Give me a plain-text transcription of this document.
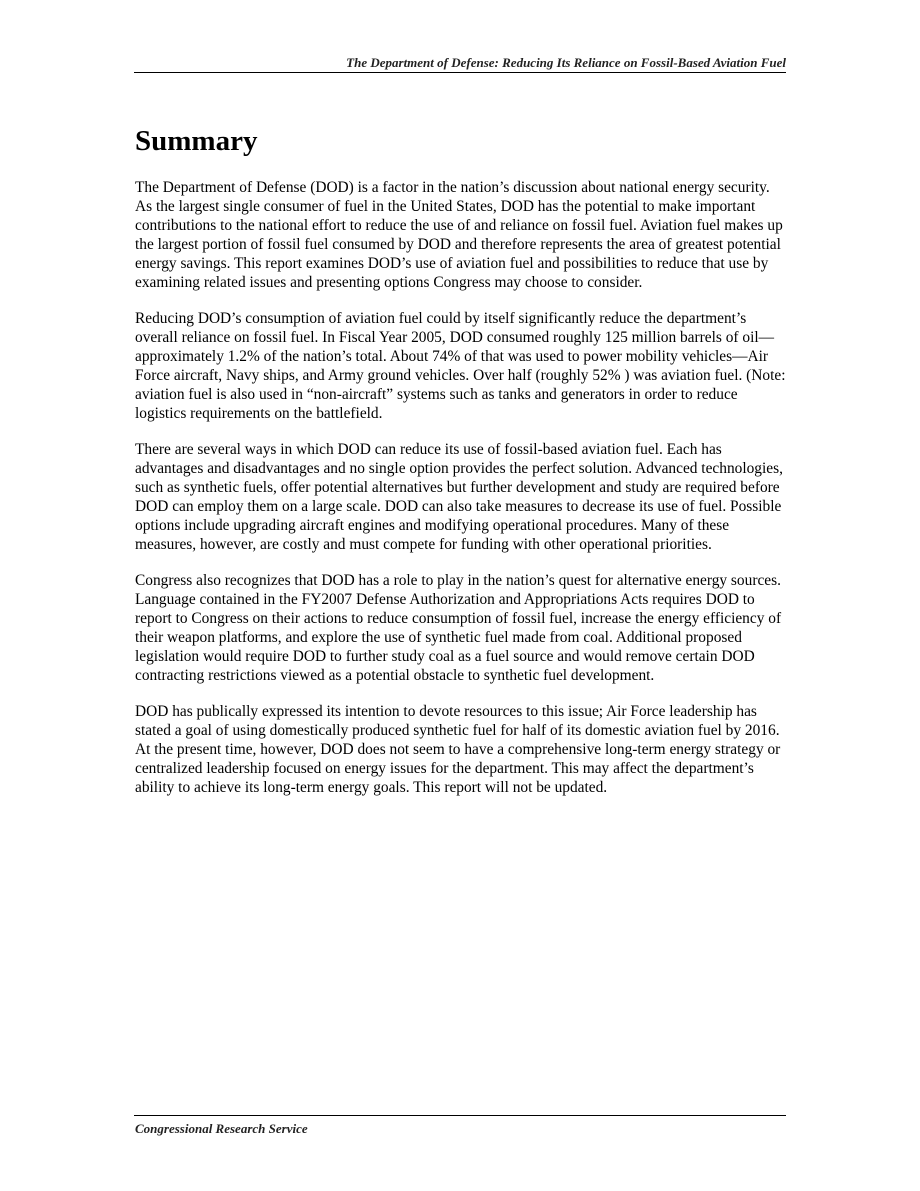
The Department of Defense: Reducing Its Reliance on Fossil-Based Aviation Fuel
Summary

The Department of Defense (DOD) is a factor in the nation’s discussion about national energy security. As the largest single consumer of fuel in the United States, DOD has the potential to make important contributions to the national effort to reduce the use of and reliance on fossil fuel. Aviation fuel makes up the largest portion of fossil fuel consumed by DOD and therefore represents the area of greatest potential energy savings. This report examines DOD’s use of aviation fuel and possibilities to reduce that use by examining related issues and presenting options Congress may choose to consider.

Reducing DOD’s consumption of aviation fuel could by itself significantly reduce the department’s overall reliance on fossil fuel. In Fiscal Year 2005, DOD consumed roughly 125 million barrels of oil—approximately 1.2% of the nation’s total. About 74% of that was used to power mobility vehicles—Air Force aircraft, Navy ships, and Army ground vehicles. Over half (roughly 52% ) was aviation fuel. (Note: aviation fuel is also used in “non-aircraft” systems such as tanks and generators in order to reduce logistics requirements on the battlefield.

There are several ways in which DOD can reduce its use of fossil-based aviation fuel. Each has advantages and disadvantages and no single option provides the perfect solution. Advanced technologies, such as synthetic fuels, offer potential alternatives but further development and study are required before DOD can employ them on a large scale. DOD can also take measures to decrease its use of fuel. Possible options include upgrading aircraft engines and modifying operational procedures. Many of these measures, however, are costly and must compete for funding with other operational priorities.

Congress also recognizes that DOD has a role to play in the nation’s quest for alternative energy sources. Language contained in the FY2007 Defense Authorization and Appropriations Acts requires DOD to report to Congress on their actions to reduce consumption of fossil fuel, increase the energy efficiency of their weapon platforms, and explore the use of synthetic fuel made from coal. Additional proposed legislation would require DOD to further study coal as a fuel source and would remove certain DOD contracting restrictions viewed as a potential obstacle to synthetic fuel development.

DOD has publically expressed its intention to devote resources to this issue; Air Force leadership has stated a goal of using domestically produced synthetic fuel for half of its domestic aviation fuel by 2016. At the present time, however, DOD does not seem to have a comprehensive long-term energy strategy or centralized leadership focused on energy issues for the department. This may affect the department’s ability to achieve its long-term energy goals. This report will not be updated.

Congressional Research Service
